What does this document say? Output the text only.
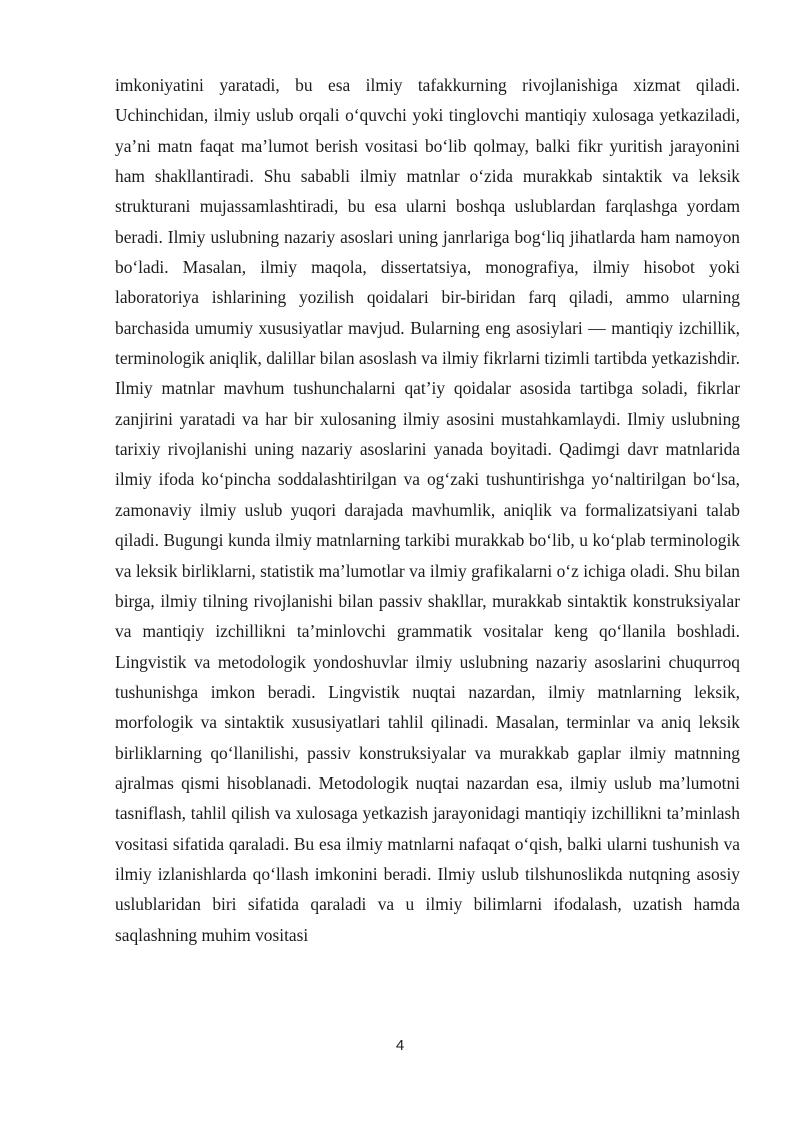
imkoniyatini yaratadi, bu esa ilmiy tafakkurning rivojlanishiga xizmat qiladi. Uchinchidan, ilmiy uslub orqali o‘quvchi yoki tinglovchi mantiqiy xulosaga yetkaziladi, ya’ni matn faqat ma’lumot berish vositasi bo‘lib qolmay, balki fikr yuritish jarayonini ham shakllantiradi. Shu sababli ilmiy matnlar o‘zida murakkab sintaktik va leksik strukturani mujassamlashtiradi, bu esa ularni boshqa uslublardan farqlashga yordam beradi. Ilmiy uslubning nazariy asoslari uning janrlariga bog‘liq jihatlarda ham namoyon bo‘ladi. Masalan, ilmiy maqola, dissertatsiya, monografiya, ilmiy hisobot yoki laboratoriya ishlarining yozilish qoidalari bir-biridan farq qiladi, ammo ularning barchasida umumiy xususiyatlar mavjud. Bularning eng asosiylari — mantiqiy izchillik, terminologik aniqlik, dalillar bilan asoslash va ilmiy fikrlarni tizimli tartibda yetkazishdir. Ilmiy matnlar mavhum tushunchalarni qat’iy qoidalar asosida tartibga soladi, fikrlar zanjirini yaratadi va har bir xulosaning ilmiy asosini mustahkamlaydi. Ilmiy uslubning tarixiy rivojlanishi uning nazariy asoslarini yanada boyitadi. Qadimgi davr matnlarida ilmiy ifoda ko‘pincha soddalashtirilgan va og‘zaki tushuntirishga yo‘naltirilgan bo‘lsa, zamonaviy ilmiy uslub yuqori darajada mavhumlik, aniqlik va formalizatsiyani talab qiladi. Bugungi kunda ilmiy matnlarning tarkibi murakkab bo‘lib, u ko‘plab terminologik va leksik birliklarni, statistik ma’lumotlar va ilmiy grafikalarni o‘z ichiga oladi. Shu bilan birga, ilmiy tilning rivojlanishi bilan passiv shakllar, murakkab sintaktik konstruksiyalar va mantiqiy izchillikni ta’minlovchi grammatik vositalar keng qo‘llanila boshladi. Lingvistik va metodologik yondoshuvlar ilmiy uslubning nazariy asoslarini chuqurroq tushunishga imkon beradi. Lingvistik nuqtai nazardan, ilmiy matnlarning leksik, morfologik va sintaktik xususiyatlari tahlil qilinadi. Masalan, terminlar va aniq leksik birliklarning qo‘llanilishi, passiv konstruksiyalar va murakkab gaplar ilmiy matnning ajralmas qismi hisoblanadi. Metodologik nuqtai nazardan esa, ilmiy uslub ma’lumotni tasniflash, tahlil qilish va xulosaga yetkazish jarayonidagi mantiqiy izchillikni ta’minlash vositasi sifatida qaraladi. Bu esa ilmiy matnlarni nafaqat o‘qish, balki ularni tushunish va ilmiy izlanishlarda qo‘llash imkonini beradi. Ilmiy uslub tilshunoslikda nutqning asosiy uslublaridan biri sifatida qaraladi va u ilmiy bilimlarni ifodalash, uzatish hamda saqlashning muhim vositasi

4
